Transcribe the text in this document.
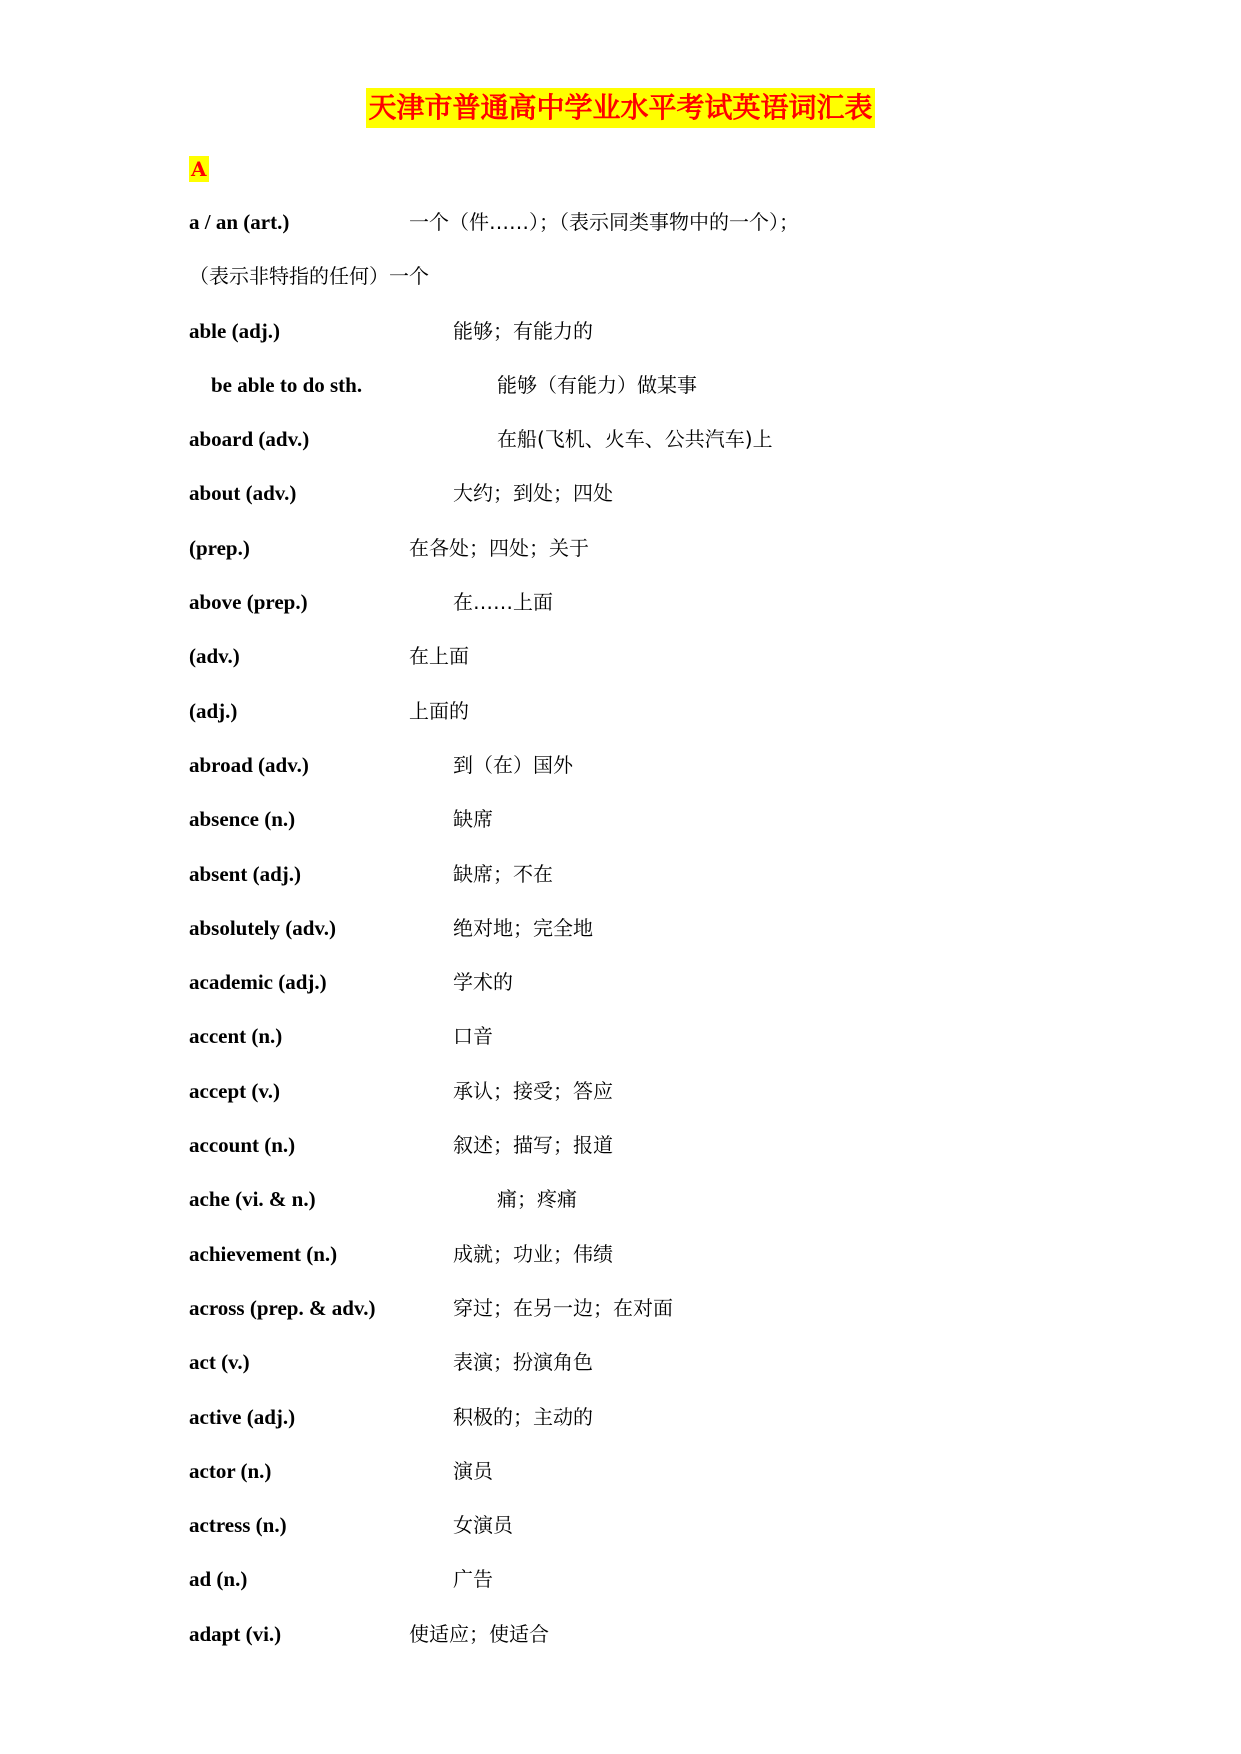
天津市普通高中学业水平考试英语词汇表
A
a / an (art.)	一个（件……）；（表示同类事物中的一个）；
（表示非特指的任何）一个
able (adj.)	能够；有能力的
be able to do sth.	能够（有能力）做某事
aboard (adv.)	在船(飞机、火车、公共汽车)上
about (adv.)	大约；到处；四处
(prep.)	在各处；四处；关于
above (prep.)	在……上面
(adv.)	在上面
(adj.)	上面的
abroad (adv.)	到（在）国外
absence (n.)	缺席
absent (adj.)	缺席；不在
absolutely (adv.)	绝对地；完全地
academic (adj.)	学术的
accent (n.)	口音
accept (v.)	承认；接受；答应
account (n.)	叙述；描写；报道
ache (vi. & n.)	痛；疼痛
achievement (n.)	成就；功业；伟绩
across (prep. & adv.)	穿过；在另一边；在对面
act (v.)	表演；扮演角色
active (adj.)	积极的；主动的
actor (n.)	演员
actress (n.)	女演员
ad (n.)	广告
adapt (vi.)	使适应；使适合
